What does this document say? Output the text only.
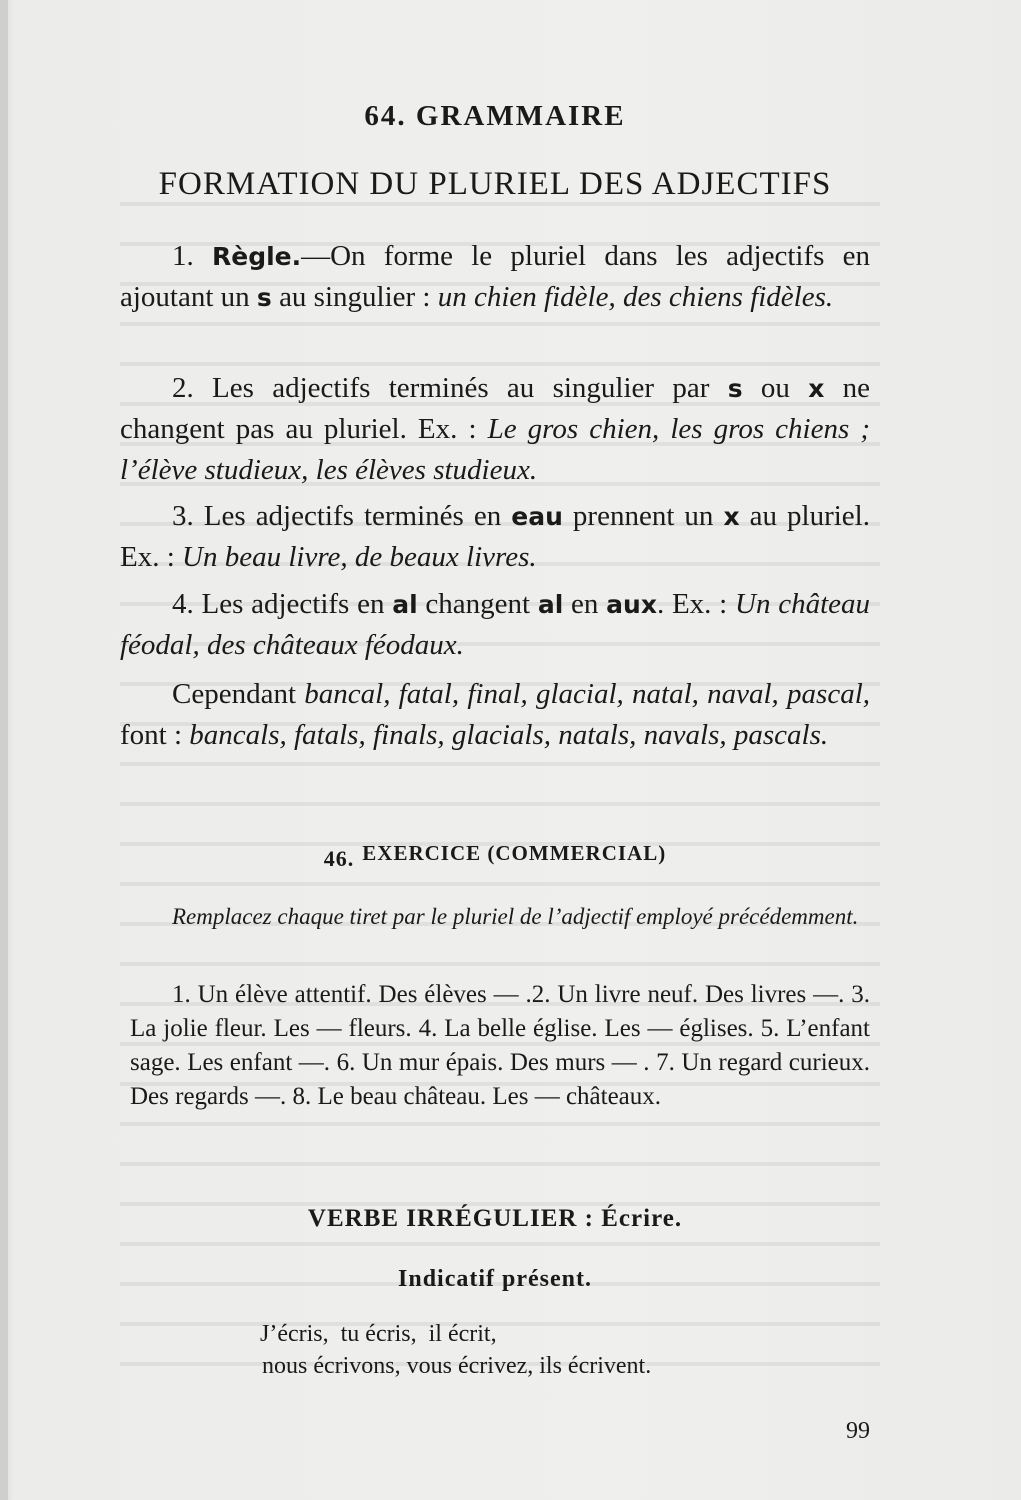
64. GRAMMAIRE
FORMATION DU PLURIEL DES ADJECTIFS
1. Règle.—On forme le pluriel dans les adjectifs en ajoutant un s au singulier : un chien fidèle, des chiens fidèles.
2. Les adjectifs terminés au singulier par s ou x ne changent pas au pluriel. Ex. : Le gros chien, les gros chiens ; l’élève studieux, les élèves studieux.
3. Les adjectifs terminés en eau prennent un x au pluriel. Ex. : Un beau livre, de beaux livres.
4. Les adjectifs en al changent al en aux. Ex. : Un château féodal, des châteaux féodaux.
Cependant bancal, fatal, final, glacial, natal, naval, pascal, font : bancals, fatals, finals, glacials, natals, navals, pascals.
46. EXERCICE (COMMERCIAL)
Remplacez chaque tiret par le pluriel de l’adjectif employé précédemment.
1. Un élève attentif. Des élèves — .2. Un livre neuf. Des livres —. 3. La jolie fleur. Les — fleurs. 4. La belle église. Les — églises. 5. L’enfant sage. Les enfant —. 6. Un mur épais. Des murs — . 7. Un regard curieux. Des regards —. 8. Le beau château. Les — châteaux.
VERBE IRRÉGULIER : Écrire.
Indicatif présent.
J’écris,  tu écris,  il écrit,
nous écrivons, vous écrivez, ils écrivent.
99
